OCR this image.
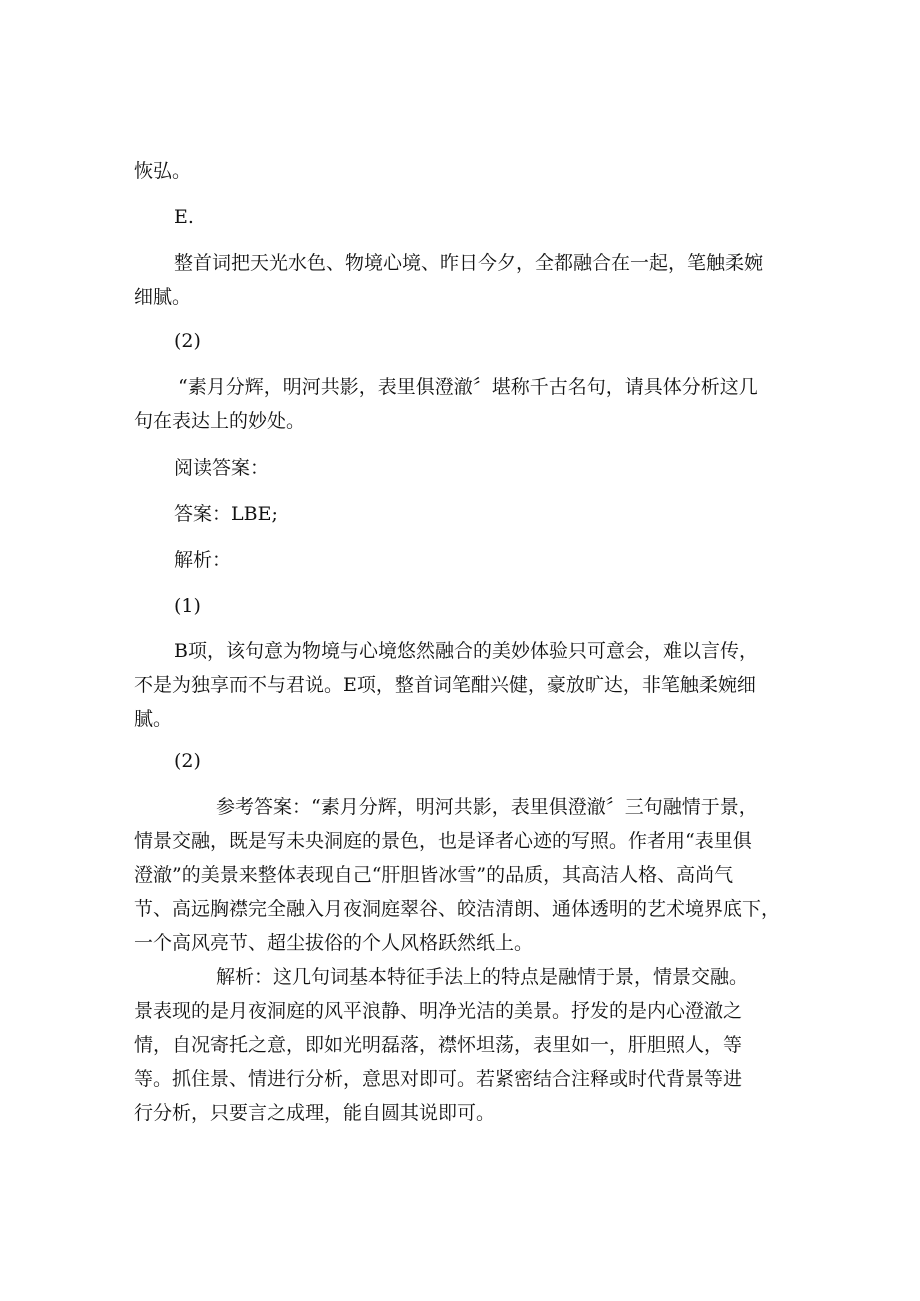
恢弘。

E.

整首词把天光水色、物境心境、昨日今夕，全都融合在一起，笔触柔婉
细腻。

(2)

“素月分辉，明河共影，表里俱澄澈〞堪称千古名句，请具体分析这几
句在表达上的妙处。

阅读答案：

答案：LBE;

解析：

(1)

B项，该句意为物境与心境悠然融合的美妙体验只可意会，难以言传，
不是为独享而不与君说。E项，整首词笔酣兴健，豪放旷达，非笔触柔婉细
腻。

(2)

参考答案：“素月分辉，明河共影，表里俱澄澈〞三句融情于景，
情景交融，既是写未央洞庭的景色，也是译者心迹的写照。作者用“表里俱
澄澈”的美景来整体表现自己“肝胆皆冰雪”的品质，其高洁人格、高尚气
节、高远胸襟完全融入月夜洞庭翠谷、皎洁清朗、通体透明的艺术境界底下，
一个高风亮节、超尘拔俗的个人风格跃然纸上。
解析：这几句词基本特征手法上的特点是融情于景，情景交融。
景表现的是月夜洞庭的风平浪静、明净光洁的美景。抒发的是内心澄澈之
情，自况寄托之意，即如光明磊落，襟怀坦荡，表里如一，肝胆照人，等
等。抓住景、情进行分析，意思对即可。若紧密结合注释或时代背景等进
行分析，只要言之成理，能自圆其说即可。
